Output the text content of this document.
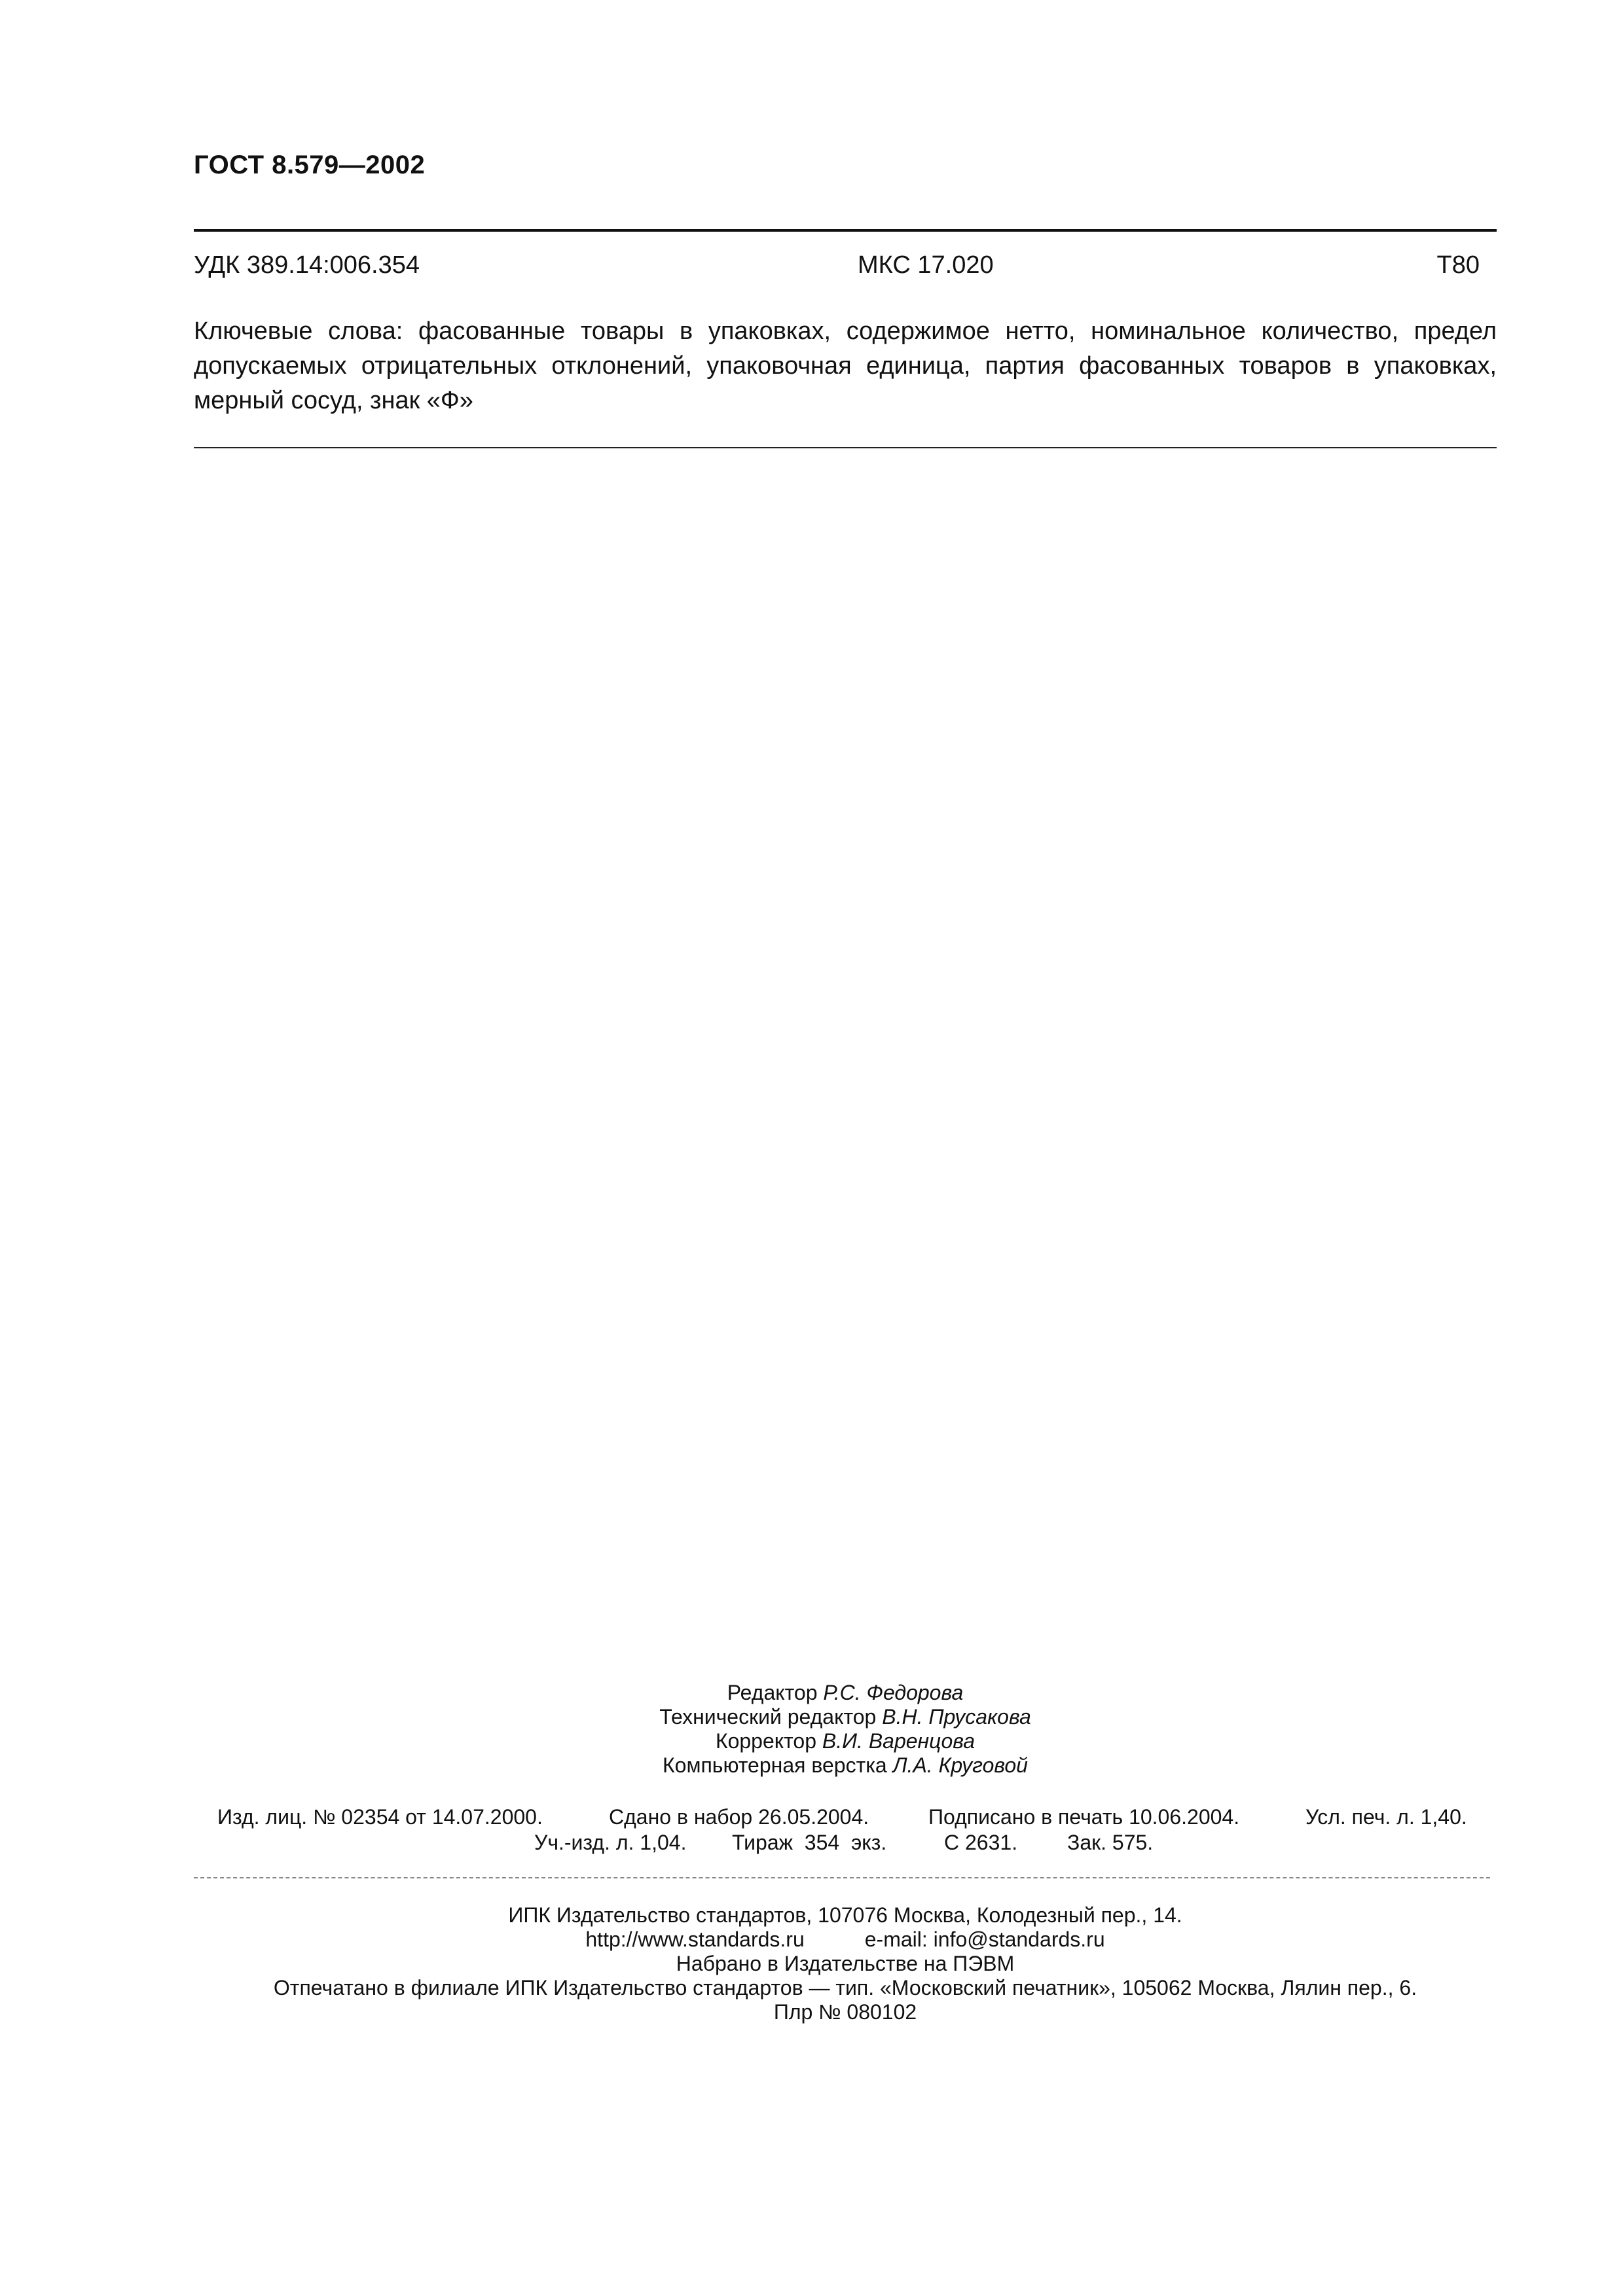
ГОСТ 8.579—2002
УДК 389.14:006.354	МКС 17.020	Т80
Ключевые слова: фасованные товары в упаковках, содержимое нетто, номинальное количество, предел допускаемых отрицательных отклонений, упаковочная единица, партия фасованных товаров в упаковках, мерный сосуд, знак «Ф»
Редактор Р.С. Федорова
Технический редактор В.Н. Прусакова
Корректор В.И. Варенцова
Компьютерная верстка Л.А. Круговой
Изд. лиц. № 02354 от 14.07.2000.	Сдано в набор 26.05.2004.	Подписано в печать 10.06.2004.	Усл. печ. л. 1,40.
Уч.-изд. л. 1,04. Тираж  354  экз.	С 2631. Зак. 575.
ИПК Издательство стандартов, 107076 Москва, Колодезный пер., 14.
http://www.standards.ru	e-mail: info@standards.ru
Набрано в Издательстве на ПЭВМ
Отпечатано в филиале ИПК Издательство стандартов — тип. «Московский печатник», 105062 Москва, Лялин пер., 6.
Плр № 080102
